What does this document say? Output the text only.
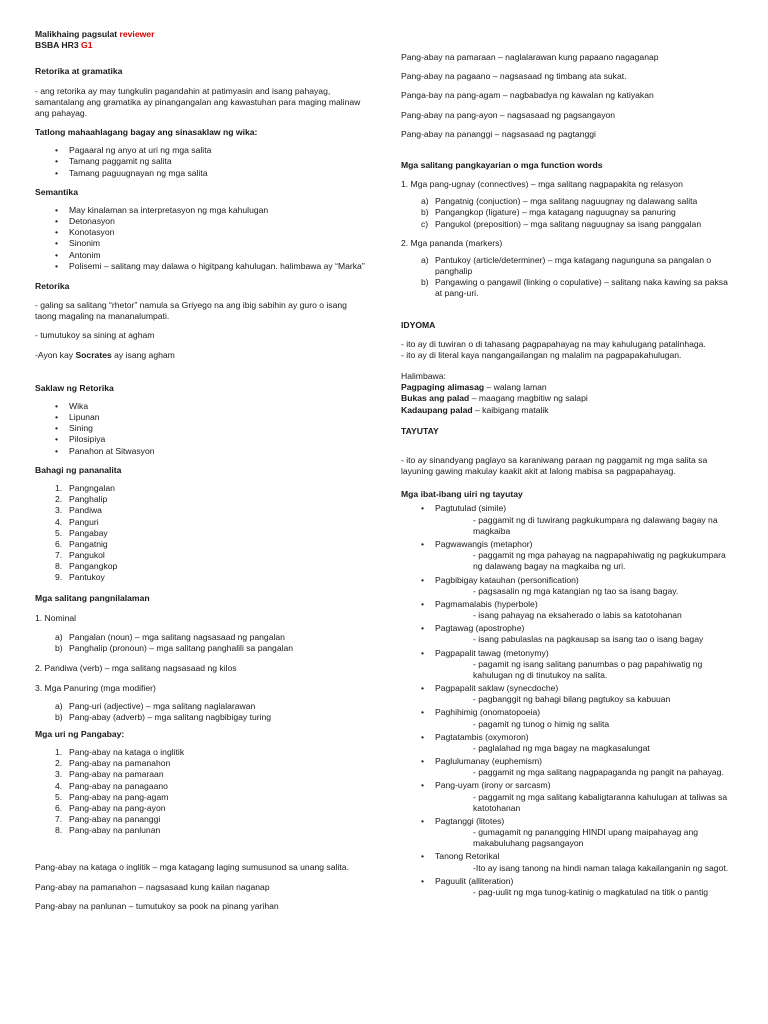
Malikhaing pagsulat reviewer

BSBA HR3 G1

Retorika at gramatika

- ang retorika ay may tungkulin pagandahin at patimyasin and isang pahayag, samantalang ang gramatika ay pinangangalan ang kawastuhan para maging malinaw ang pahayag.

Tatlong mahaahlagang bagay ang sinasaklaw ng wika:

• Pagaaral ng anyo at uri ng mga salita
• Tamang paggamit ng salita
• Tamang paguugnayan ng mga salita

Semantika

• May kinalaman sa interpretasyon ng mga kahulugan
• Detonasyon
• Konotasyon
• Sinonim
• Antonim
• Polisemi – salitang may dalawa o higitpang kahulugan. halimbawa ay “Marka”

Retorika

- galing sa salitang “rhetor” namula sa Griyego na ang ibig sabihin ay guro o isang taong magaling na mananalumpati.

- tumutukoy sa sining at agham

-Ayon kay Socrates ay isang agham

Saklaw ng Retorika

• Wika
• Lipunan
• Sining
• Pilosipiya
• Panahon at Sitwasyon

Bahagi ng pananalita

1. Pangngalan
2. Panghalip
3. Pandiwa
4. Panguri
5. Pangabay
6. Pangatnig
7. Pangukol
8. Pangangkop
9. Pantukoy

Mga salitang pangnilalaman

1. Nominal

a) Pangalan (noun) – mga salitang nagsasaad ng pangalan
b) Panghalip (pronoun) – mga salitang panghalili sa pangalan

2. Pandiwa (verb) – mga salitang nagsasaad ng kilos

3. Mga Panuring (mga modifier)

a) Pang-uri (adjective) – mga salitang naglalarawan
b) Pang-abay (adverb) – mga salitang nagbibigay turing

Mga uri ng Pangabay:

1. Pang-abay na kataga o inglitik
2. Pang-abay na pamanahon
3. Pang-abay na pamaraan
4. Pang-abay na panagaano
5. Pang-abay na pang-agam
6. Pang-abay na pang-ayon
7. Pang-abay na pananggi
8. Pang-abay na panlunan

Pang-abay na kataga o inglitik – mga katagang laging sumusunod sa unang salita.

Pang-abay na pamanahon – nagsasaad kung kailan naganap

Pang-abay na panlunan – tumutukoy sa pook na pinang yarihan

Pang-abay na pamaraan – naglalarawan kung papaano nagaganap

Pang-abay na pagaano – nagsasaad ng timbang ata sukat.

Panga-bay na pang-agam – nagbabadya ng kawalan ng katiyakan

Pang-abay na pang-ayon – nagsasaad ng pagsangayon

Pang-abay na pananggi – nagsasaad ng pagtanggi

Mga salitang pangkayarian o mga function words

1. Mga pang-ugnay (connectives) – mga salitang nagpapakita ng relasyon

a) Pangatnig (conjuction) – mga salitang naguugnay ng dalawang salita
b) Pangangkop (ligature) – mga katagang naguugnay sa panuring
c) Pangukol (preposition) – mga salitang naguugnay sa isang panggalan

2. Mga pananda (markers)

a) Pantukoy (article/determiner) – mga katagang nagunguna sa pangalan o panghalip
b) Pangawing o pangawil (linking o copulative) – salitang naka kawing sa paksa at pang-uri.

IDYOMA

- ito ay di tuwiran o di tahasang pagpapahayag na may kahulugang patalinhaga.

- ito ay di literal kaya nangangailangan ng malalim na pagpapakahulugan.

Halimbawa:

Pagpaging alimasag – walang laman

Bukas ang palad – maagang magbitiw ng salapi

Kadaupang palad – kaibigang matalik

TAYUTAY

- ito ay sinandyang paglayo sa karaniwang paraan ng paggamit ng mga salita sa layuning gawing makulay kaakit akit at lalong mabisa sa pagpapahayag.

Mga ibat-ibang uiri ng tayutay

• Pagtutulad (simile)
- paggamit ng di tuwirang pagkukumpara ng dalawang bagay na magkaiba
• Pagwawangis (metaphor)
- paggamit ng mga pahayag na nagpapahiwatig ng pagkukumpara ng dalawang bagay na magkaiba ng uri.
• Pagbibigay katauhan (personification)
- pagsasalin ng mga katangian ng tao sa isang bagay.
• Pagmamalabis (hyperbole)
- isang pahayag na eksaherado o labis sa katotohanan
• Pagtawag (apostrophe)
- isang pabulaslas na pagkausap sa isang tao o isang bagay
• Pagpapalit tawag (metonymy)
- pagamit ng isang salitang panumbas o pag papahiwatig ng kahulugan ng di tinutukoy na salita.
• Pagpapalit saklaw (synecdoche)
- pagbanggit ng bahagi bilang pagtukoy sa kabuuan
• Paghihimig (onomatopoeia)
- pagamit ng tunog o himig ng salita
• Pagtatambis (oxymoron)
- paglalahad ng mga bagay na magkasalungat
• Paglulumanay (euphemism)
- paggamit ng mga salitang nagpapaganda ng pangit na pahayag.
• Pang-uyam (irony or sarcasm)
- paggamit ng mga salitang kabaligtaranna kahulugan at taliwas sa katotohanan
• Pagtanggi (litotes)
- gumagamit ng panangging HINDI upang maipahayag ang makabuluhang pagsangayon
• Tanong Retorikal
-Ito ay isang tanong na hindi naman talaga kakailanganin ng sagot.
• Paguulit (alliteration)
- pag-uulit ng mga tunog-katinig o magkatulad na titik o pantig
